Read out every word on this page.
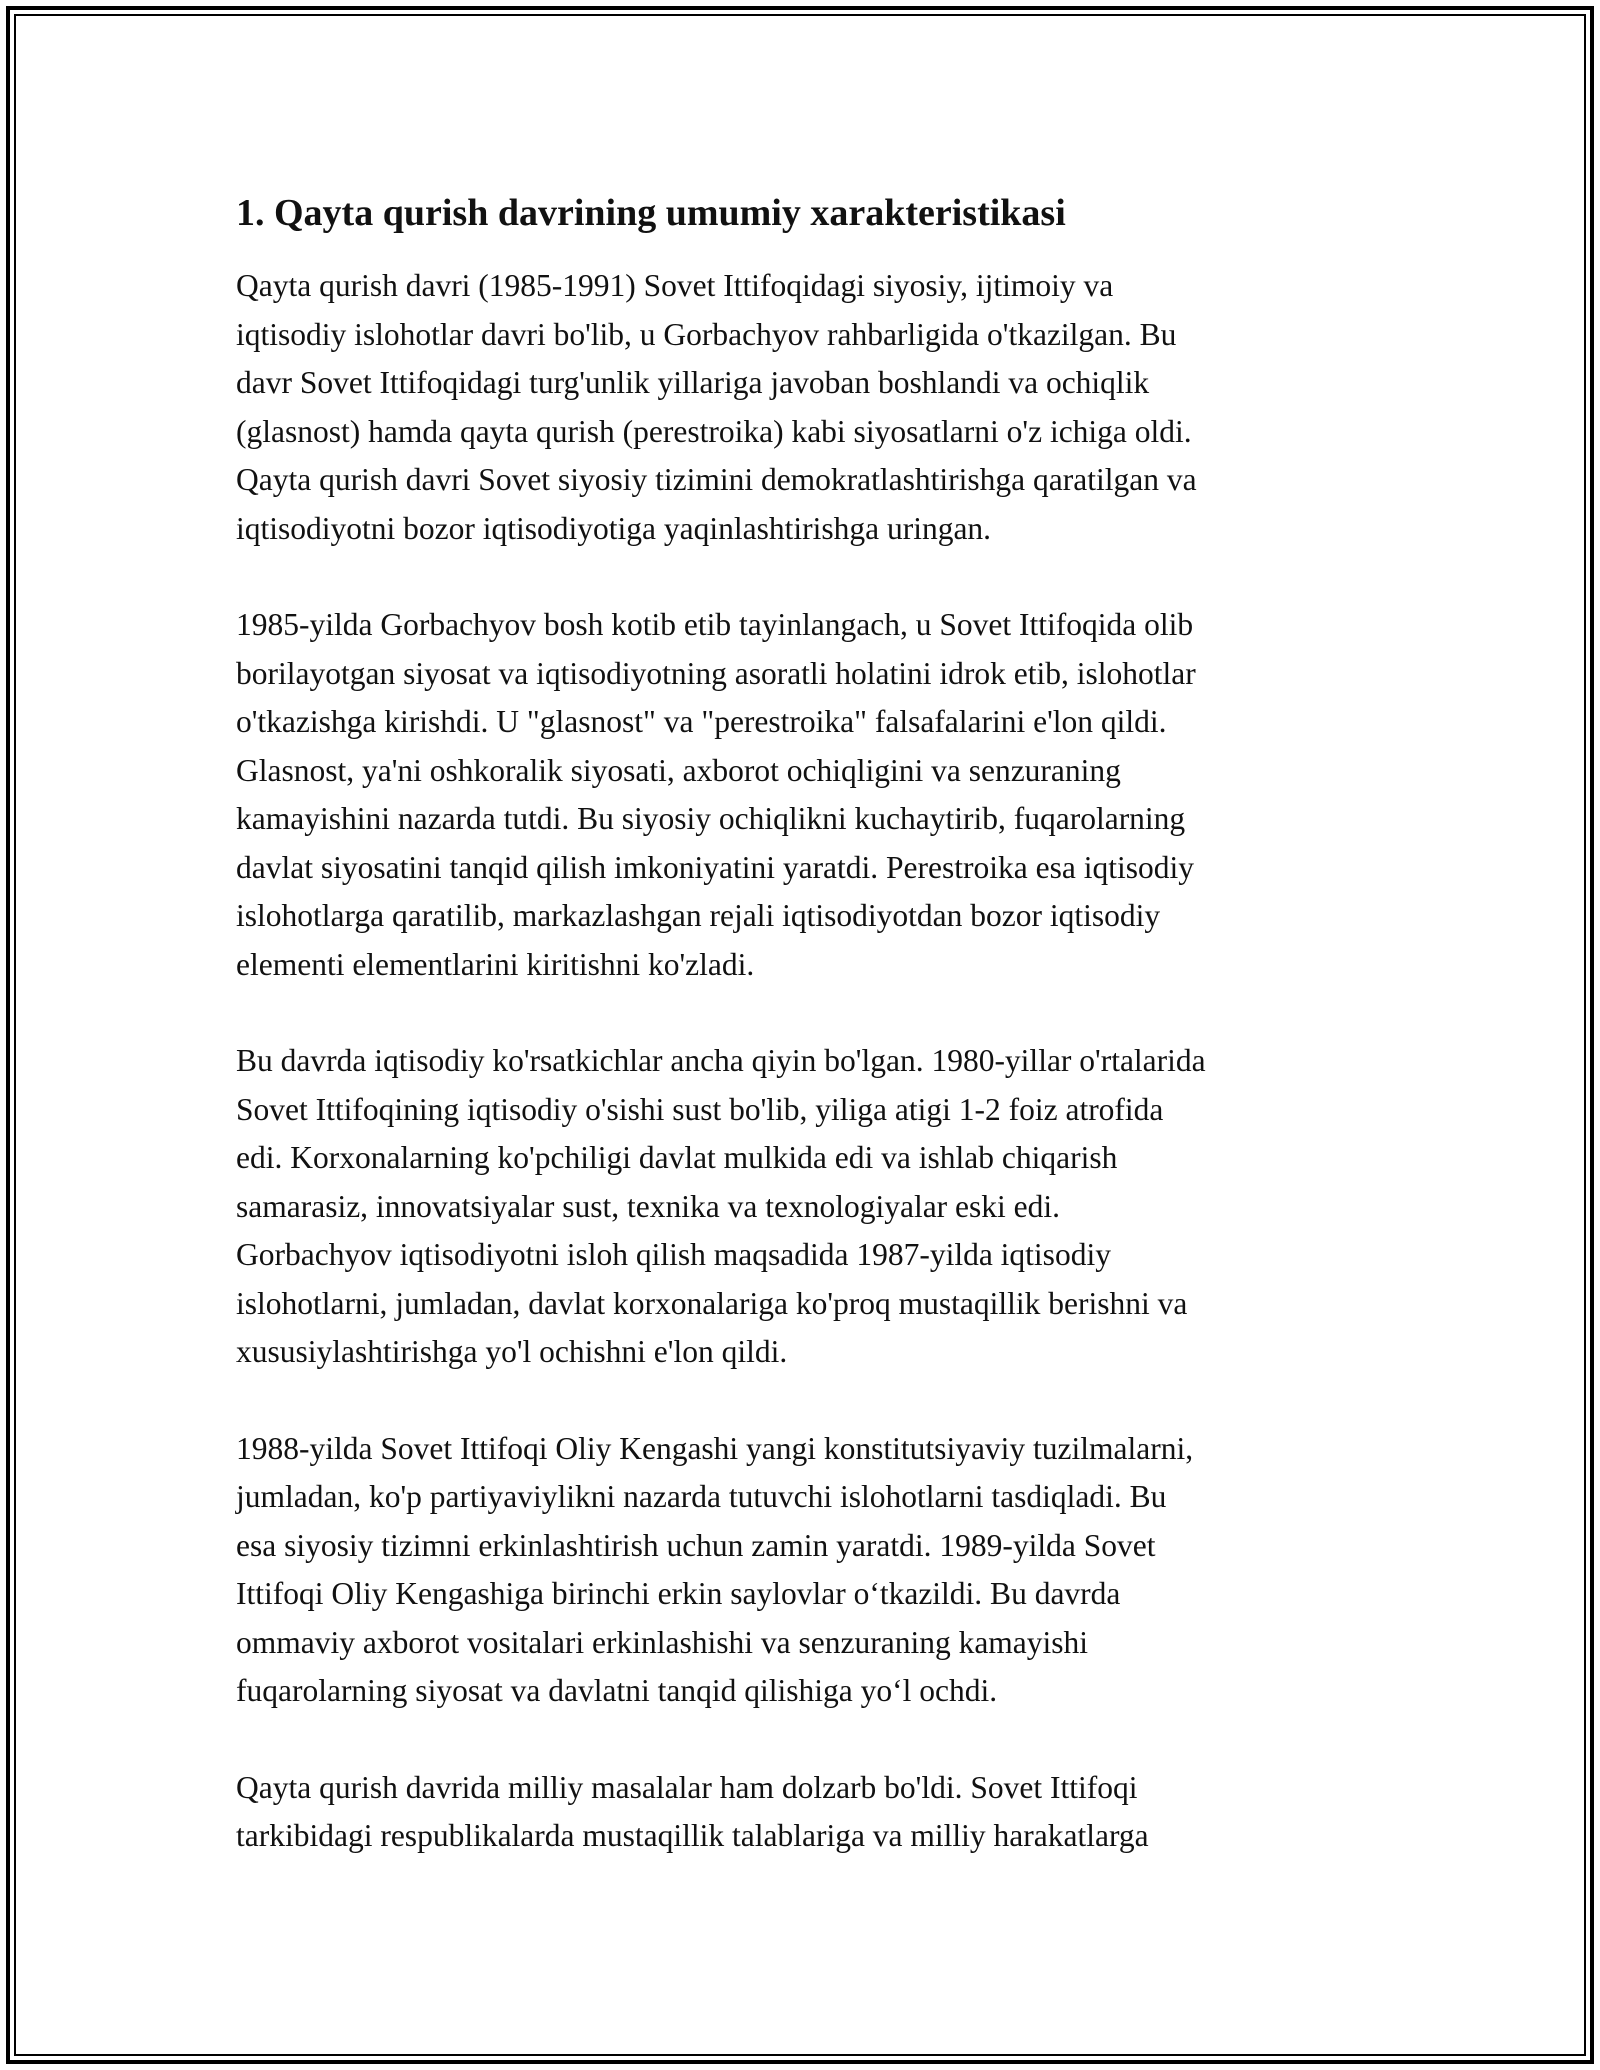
1. Qayta qurish davrining umumiy xarakteristikasi

Qayta qurish davri (1985-1991) Sovet Ittifoqidagi siyosiy, ijtimoiy va
iqtisodiy islohotlar davri bo'lib, u Gorbachyov rahbarligida o'tkazilgan. Bu
davr Sovet Ittifoqidagi turg'unlik yillariga javoban boshlandi va ochiqlik
(glasnost) hamda qayta qurish (perestroika) kabi siyosatlarni o'z ichiga oldi.
Qayta qurish davri Sovet siyosiy tizimini demokratlashtirishga qaratilgan va
iqtisodiyotni bozor iqtisodiyotiga yaqinlashtirishga uringan.

1985-yilda Gorbachyov bosh kotib etib tayinlangach, u Sovet Ittifoqida olib
borilayotgan siyosat va iqtisodiyotning asoratli holatini idrok etib, islohotlar
o'tkazishga kirishdi. U "glasnost" va "perestroika" falsafalarini e'lon qildi.
Glasnost, ya'ni oshkoralik siyosati, axborot ochiqligini va senzuraning
kamayishini nazarda tutdi. Bu siyosiy ochiqlikni kuchaytirib, fuqarolarning
davlat siyosatini tanqid qilish imkoniyatini yaratdi. Perestroika esa iqtisodiy
islohotlarga qaratilib, markazlashgan rejali iqtisodiyotdan bozor iqtisodiy
elementi elementlarini kiritishni ko'zladi.

Bu davrda iqtisodiy ko'rsatkichlar ancha qiyin bo'lgan. 1980-yillar o'rtalarida
Sovet Ittifoqining iqtisodiy o'sishi sust bo'lib, yiliga atigi 1-2 foiz atrofida
edi. Korxonalarning ko'pchiligi davlat mulkida edi va ishlab chiqarish
samarasiz, innovatsiyalar sust, texnika va texnologiyalar eski edi.
Gorbachyov iqtisodiyotni isloh qilish maqsadida 1987-yilda iqtisodiy
islohotlarni, jumladan, davlat korxonalariga ko'proq mustaqillik berishni va
xususiylashtirishga yo'l ochishni e'lon qildi.

1988-yilda Sovet Ittifoqi Oliy Kengashi yangi konstitutsiyaviy tuzilmalarni,
jumladan, ko'p partiyaviylikni nazarda tutuvchi islohotlarni tasdiqladi. Bu
esa siyosiy tizimni erkinlashtirish uchun zamin yaratdi. 1989-yilda Sovet
Ittifoqi Oliy Kengashiga birinchi erkin saylovlar oʻtkazildi. Bu davrda
ommaviy axborot vositalari erkinlashishi va senzuraning kamayishi
fuqarolarning siyosat va davlatni tanqid qilishiga yoʻl ochdi.

Qayta qurish davrida milliy masalalar ham dolzarb bo'ldi. Sovet Ittifoqi
tarkibidagi respublikalarda mustaqillik talablariga va milliy harakatlarga
